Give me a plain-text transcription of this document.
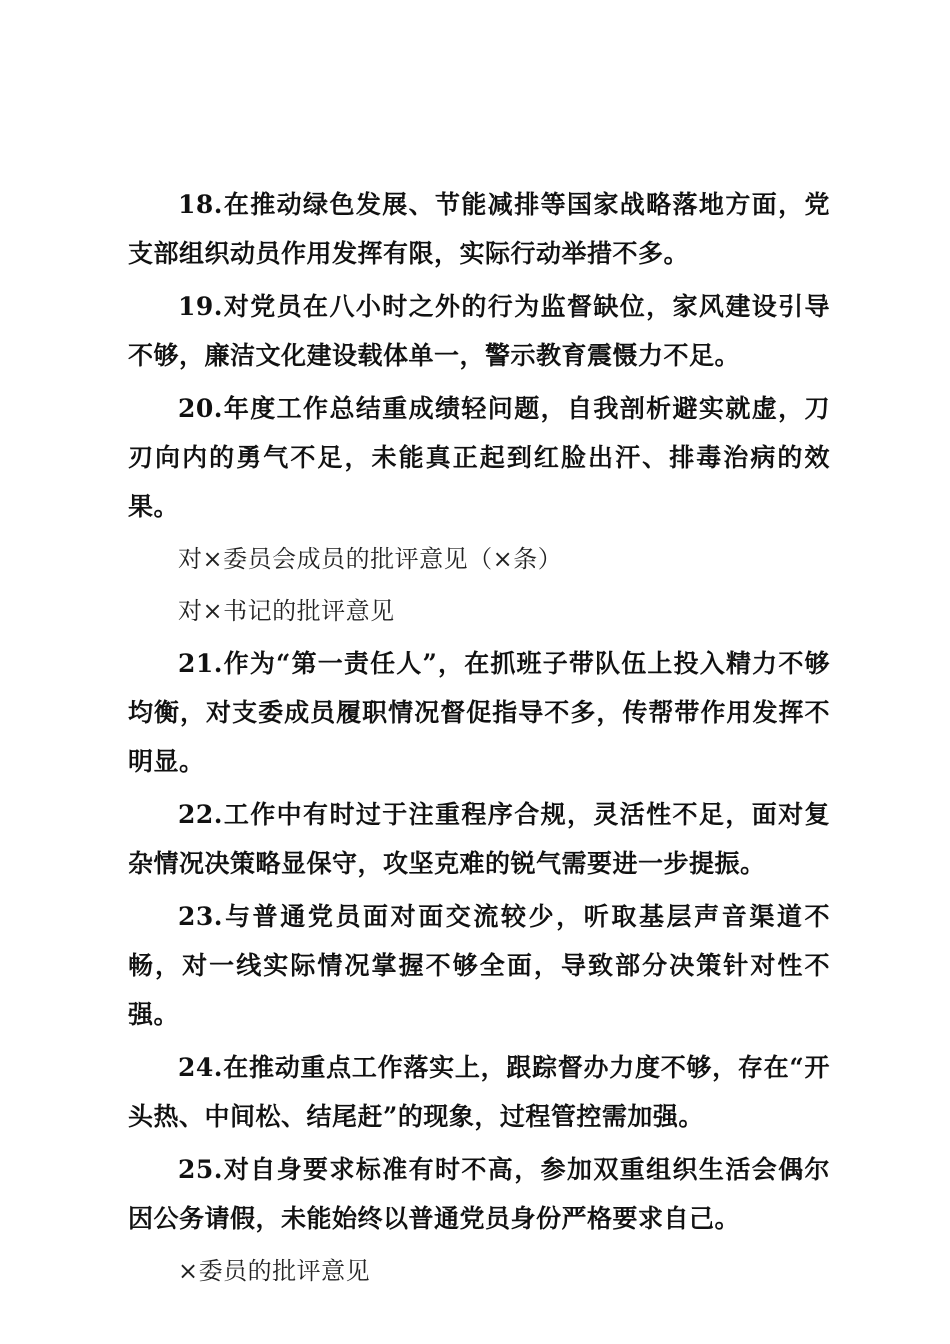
18.在推动绿色发展、节能减排等国家战略落地方面，党支部组织动员作用发挥有限，实际行动举措不多。

19.对党员在八小时之外的行为监督缺位，家风建设引导不够，廉洁文化建设载体单一，警示教育震慑力不足。

20.年度工作总结重成绩轻问题，自我剖析避实就虚，刀刃向内的勇气不足，未能真正起到红脸出汗、排毒治病的效果。

对×委员会成员的批评意见（×条）

对×书记的批评意见

21.作为“第一责任人”，在抓班子带队伍上投入精力不够均衡，对支委成员履职情况督促指导不多，传帮带作用发挥不明显。

22.工作中有时过于注重程序合规，灵活性不足，面对复杂情况决策略显保守，攻坚克难的锐气需要进一步提振。

23.与普通党员面对面交流较少，听取基层声音渠道不畅，对一线实际情况掌握不够全面，导致部分决策针对性不强。

24.在推动重点工作落实上，跟踪督办力度不够，存在“开头热、中间松、结尾赶”的现象，过程管控需加强。

25.对自身要求标准有时不高，参加双重组织生活会偶尔因公务请假，未能始终以普通党员身份严格要求自己。

×委员的批评意见
